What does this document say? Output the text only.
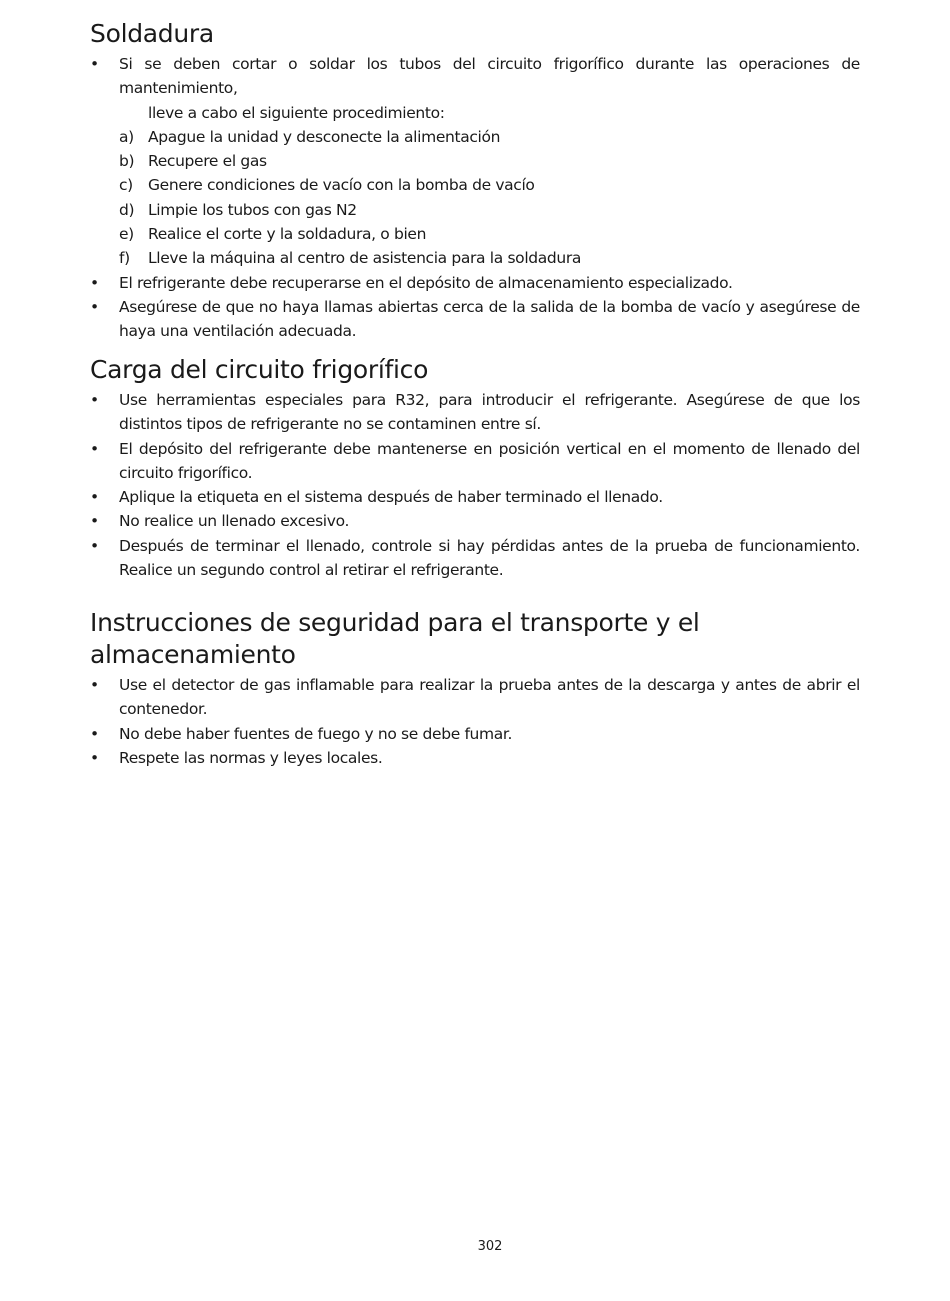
Soldadura
• Si se deben cortar o soldar los tubos del circuito frigorífico durante las operaciones de mantenimiento,
lleve a cabo el siguiente procedimiento:
a) Apague la unidad y desconecte la alimentación
b) Recupere el gas
c) Genere condiciones de vacío con la bomba de vacío
d) Limpie los tubos con gas N2
e) Realice el corte y la soldadura, o bien
f) Lleve la máquina al centro de asistencia para la soldadura
• El refrigerante debe recuperarse en el depósito de almacenamiento especializado.
• Asegúrese de que no haya llamas abiertas cerca de la salida de la bomba de vacío y asegúrese de haya una ventilación adecuada.
Carga del circuito frigorífico
• Use herramientas especiales para R32, para introducir el refrigerante. Asegúrese de que los distintos tipos de refrigerante no se contaminen entre sí.
• El depósito del refrigerante debe mantenerse en posición vertical en el momento de llenado del circuito frigorífico.
• Aplique la etiqueta en el sistema después de haber terminado el llenado.
• No realice un llenado excesivo.
• Después de terminar el llenado, controle si hay pérdidas antes de la prueba de funcionamiento. Realice un segundo control al retirar el refrigerante.
Instrucciones de seguridad para el transporte y el almacenamiento
• Use el detector de gas inflamable para realizar la prueba antes de la descarga y antes de abrir el contenedor.
• No debe haber fuentes de fuego y no se debe fumar.
• Respete las normas y leyes locales.
302
